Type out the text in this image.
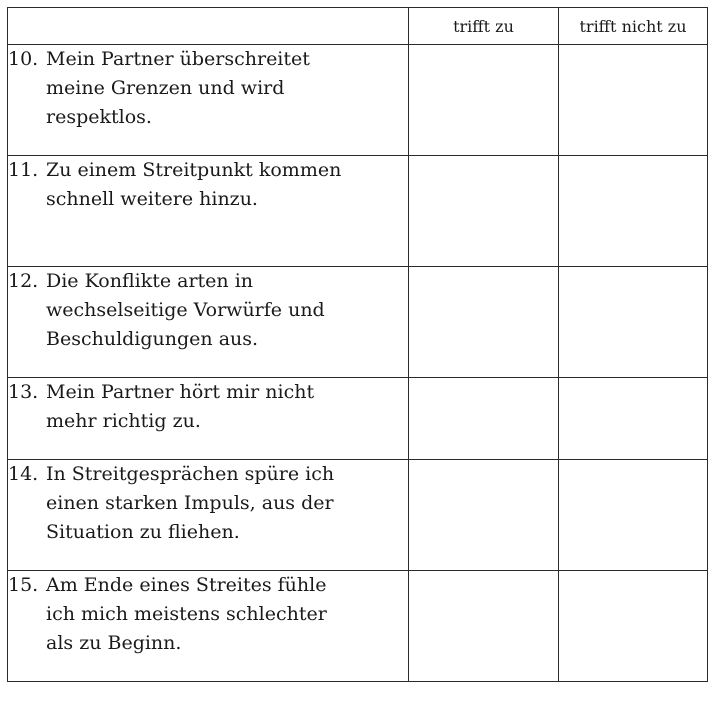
	trifft zu	trifft nicht zu

10. Mein Partner überschreitet meine Grenzen und wird respektlos.		

11. Zu einem Streitpunkt kommen schnell weitere hinzu.		

12. Die Konflikte arten in wechselseitige Vorwürfe und Beschuldigungen aus.		

13. Mein Partner hört mir nicht mehr richtig zu.		

14. In Streitgesprächen spüre ich einen starken Impuls, aus der Situation zu fliehen.		

15. Am Ende eines Streites fühle ich mich meistens schlechter als zu Beginn.		
